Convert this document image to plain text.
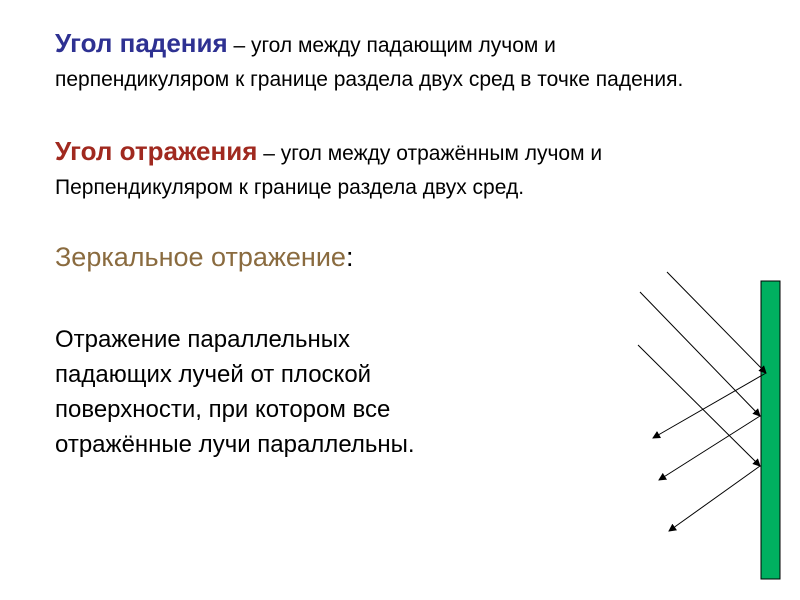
Угол падения – угол между падающим лучом и
перпендикуляром к границе раздела двух сред в точке падения.
Угол отражения – угол между отражённым лучом и
Перпендикуляром к границе раздела двух сред.
Зеркальное отражение:
Отражение параллельных
падающих лучей от плоской
поверхности, при котором все
отражённые лучи параллельны.
